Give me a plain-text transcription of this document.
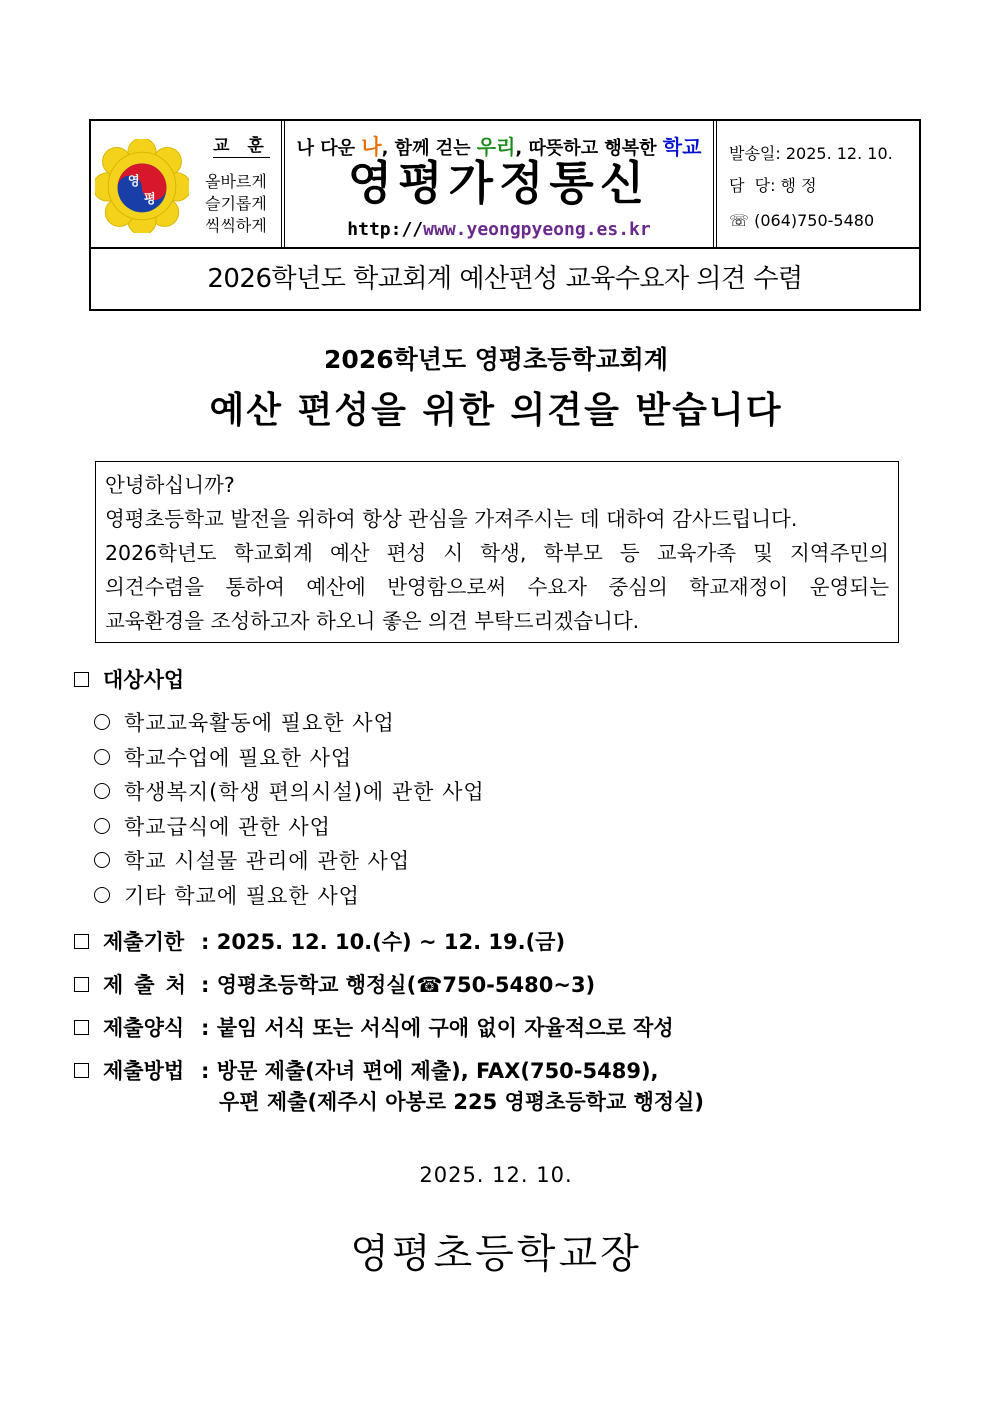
영
평
교 훈
올바르게
슬기롭게
씩씩하게
나 다운 나, 함께 걷는 우리, 따뜻하고 행복한 학교
영평가정통신
http://www.yeongpyeong.es.kr
발송일: 2025. 12. 10.
담  당: 행 정
☏ (064)750-5480
2026학년도 학교회계 예산편성 교육수요자 의견 수렴
2026학년도 영평초등학교회계
예산 편성을 위한 의견을 받습니다
안녕하십니까?
영평초등학교 발전을 위하여 항상 관심을 가져주시는 데 대하여 감사드립니다.
2026학년도 학교회계 예산 편성 시 학생, 학부모 등 교육가족 및 지역주민의
의견수렴을 통하여 예산에 반영함으로써 수요자 중심의 학교재정이 운영되는
교육환경을 조성하고자 하오니 좋은 의견 부탁드리겠습니다.
대상사업
학교교육활동에 필요한 사업
학교수업에 필요한 사업
학생복지(학생 편의시설)에 관한 사업
학교급식에 관한 사업
학교 시설물 관리에 관한 사업
기타 학교에 필요한 사업
제출기한 : 2025. 12. 10.(수) ~ 12. 19.(금)
제출처 : 영평초등학교 행정실(☎750-5480~3)
제출양식 : 붙임 서식 또는 서식에 구애 없이 자율적으로 작성
제출방법 : 방문 제출(자녀 편에 제출), FAX(750-5489),
우편 제출(제주시 아봉로 225 영평초등학교 행정실)
2025. 12. 10.
영평초등학교장
